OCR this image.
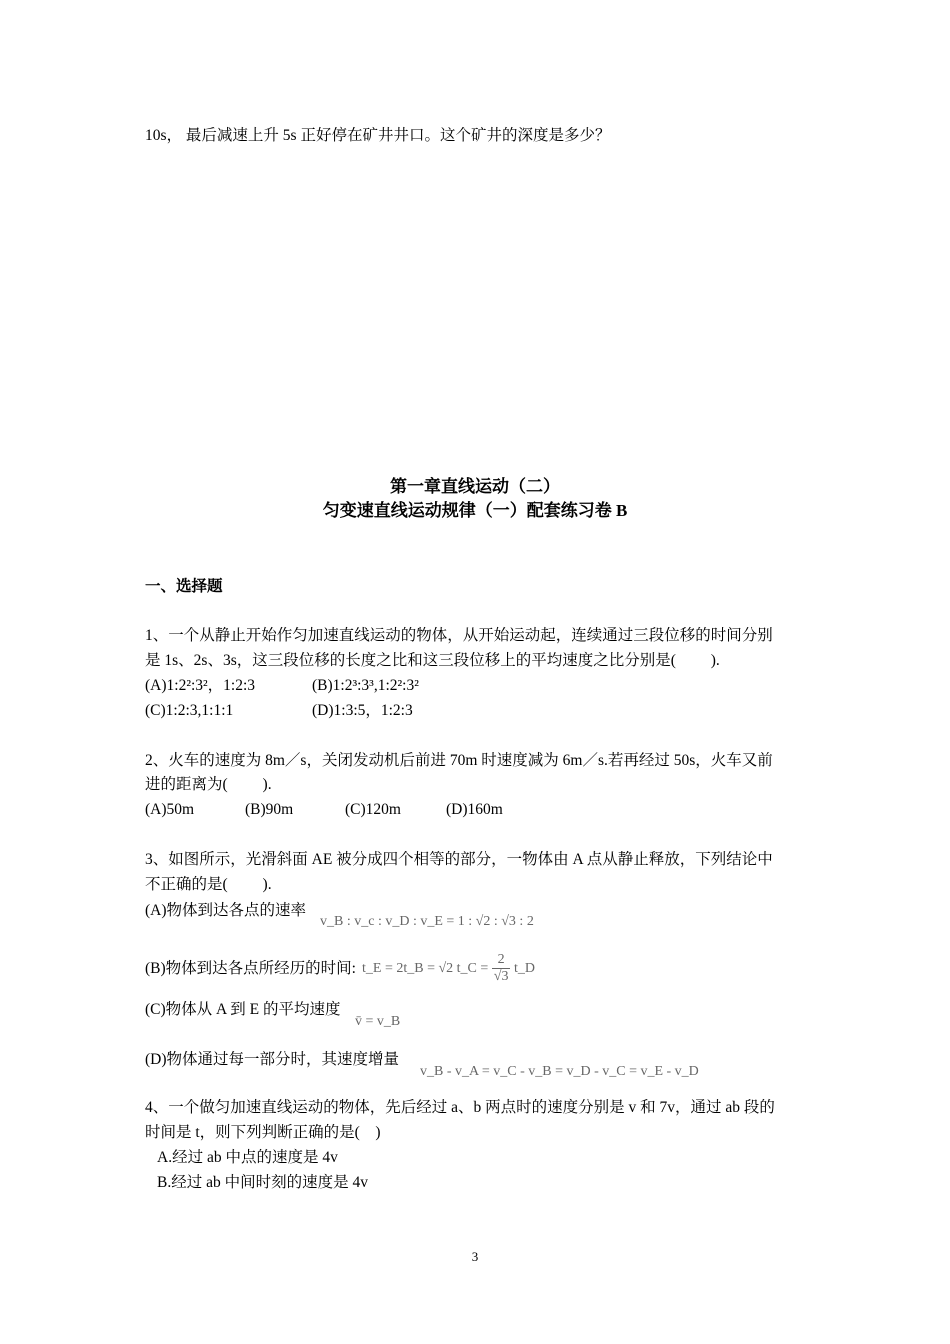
10s， 最后减速上升 5s 正好停在矿井井口。这个矿井的深度是多少？
第一章直线运动（二）
匀变速直线运动规律（一）配套练习卷 B
一、选择题
1、一个从静止开始作匀加速直线运动的物体，从开始运动起，连续通过三段位移的时间分别
是 1s、2s、3s，这三段位移的长度之比和这三段位移上的平均速度之比分别是(　　 ).
(A)1:2²:3²，1:2:3	(B)1:2³:3³,1:2²:3²
(C)1:2:3,1:1:1	(D)1:3:5，1:2:3
2、火车的速度为 8m／s，关闭发动机后前进 70m 时速度减为 6m／s.若再经过 50s，火车又前
进的距离为(　　 ).
(A)50m	(B)90m	(C)120m	(D)160m
3、如图所示，光滑斜面 AE 被分成四个相等的部分，一物体由 A 点从静止释放，下列结论中
不正确的是(　　 ).
(A)物体到达各点的速率
v_B : v_c : v_D : v_E = 1 : √2 : √3 : 2
(B)物体到达各点所经历的时间: t_E = 2t_B = √2 t_C = $\frac{2}{√3}$ t_D
(C)物体从 A 到 E 的平均速度
v̄ = v_B
(D)物体通过每一部分时，其速度增量
v_B - v_A = v_C - v_B = v_D - v_C = v_E - v_D
4、一个做匀加速直线运动的物体，先后经过 a、b 两点时的速度分别是 v 和 7v，通过 ab 段的
时间是 t，则下列判断正确的是(　)
A.经过 ab 中点的速度是 4v
B.经过 ab 中间时刻的速度是 4v
3
